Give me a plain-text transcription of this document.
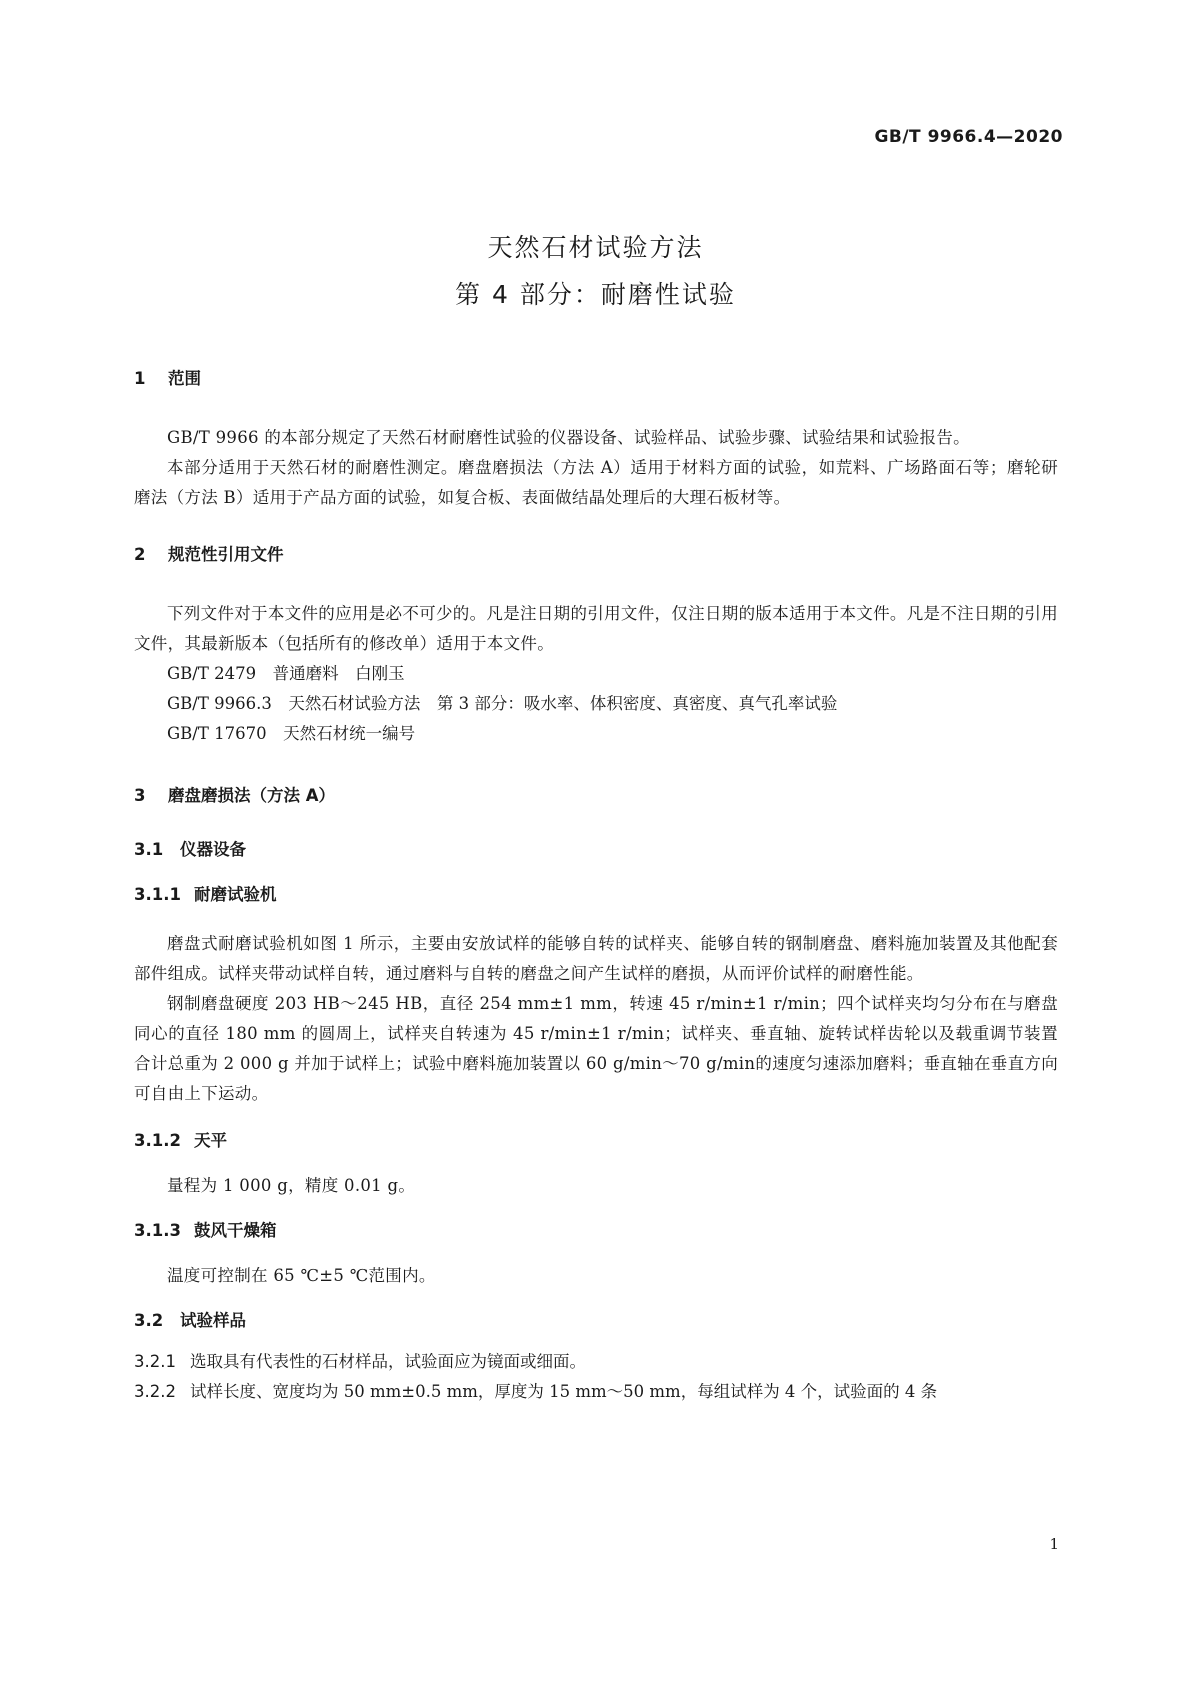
GB/T 9966.4—2020
天然石材试验方法
第 4 部分：耐磨性试验
1 范围
GB/T 9966 的本部分规定了天然石材耐磨性试验的仪器设备、试验样品、试验步骤、试验结果和试验报告。
本部分适用于天然石材的耐磨性测定。磨盘磨损法（方法 A）适用于材料方面的试验，如荒料、广场路面石等；磨轮研磨法（方法 B）适用于产品方面的试验，如复合板、表面做结晶处理后的大理石板材等。
2 规范性引用文件
下列文件对于本文件的应用是必不可少的。凡是注日期的引用文件，仅注日期的版本适用于本文件。凡是不注日期的引用文件，其最新版本（包括所有的修改单）适用于本文件。
GB/T 2479　普通磨料　白刚玉
GB/T 9966.3　天然石材试验方法　第 3 部分：吸水率、体积密度、真密度、真气孔率试验
GB/T 17670　天然石材统一编号
3 磨盘磨损法（方法 A）
3.1 仪器设备
3.1.1 耐磨试验机
磨盘式耐磨试验机如图 1 所示，主要由安放试样的能够自转的试样夹、能够自转的钢制磨盘、磨料施加装置及其他配套部件组成。试样夹带动试样自转，通过磨料与自转的磨盘之间产生试样的磨损，从而评价试样的耐磨性能。
钢制磨盘硬度 203 HB～245 HB，直径 254 mm±1 mm，转速 45 r/min±1 r/min；四个试样夹均匀分布在与磨盘同心的直径 180 mm 的圆周上，试样夹自转速为 45 r/min±1 r/min；试样夹、垂直轴、旋转试样齿轮以及载重调节装置合计总重为 2 000 g 并加于试样上；试验中磨料施加装置以 60 g/min～70 g/min的速度匀速添加磨料；垂直轴在垂直方向可自由上下运动。
3.1.2 天平
量程为 1 000 g，精度 0.01 g。
3.1.3 鼓风干燥箱
温度可控制在 65 ℃±5 ℃范围内。
3.2 试验样品
3.2.1 选取具有代表性的石材样品，试验面应为镜面或细面。
3.2.2 试样长度、宽度均为 50 mm±0.5 mm，厚度为 15 mm～50 mm，每组试样为 4 个，试验面的 4 条
1
